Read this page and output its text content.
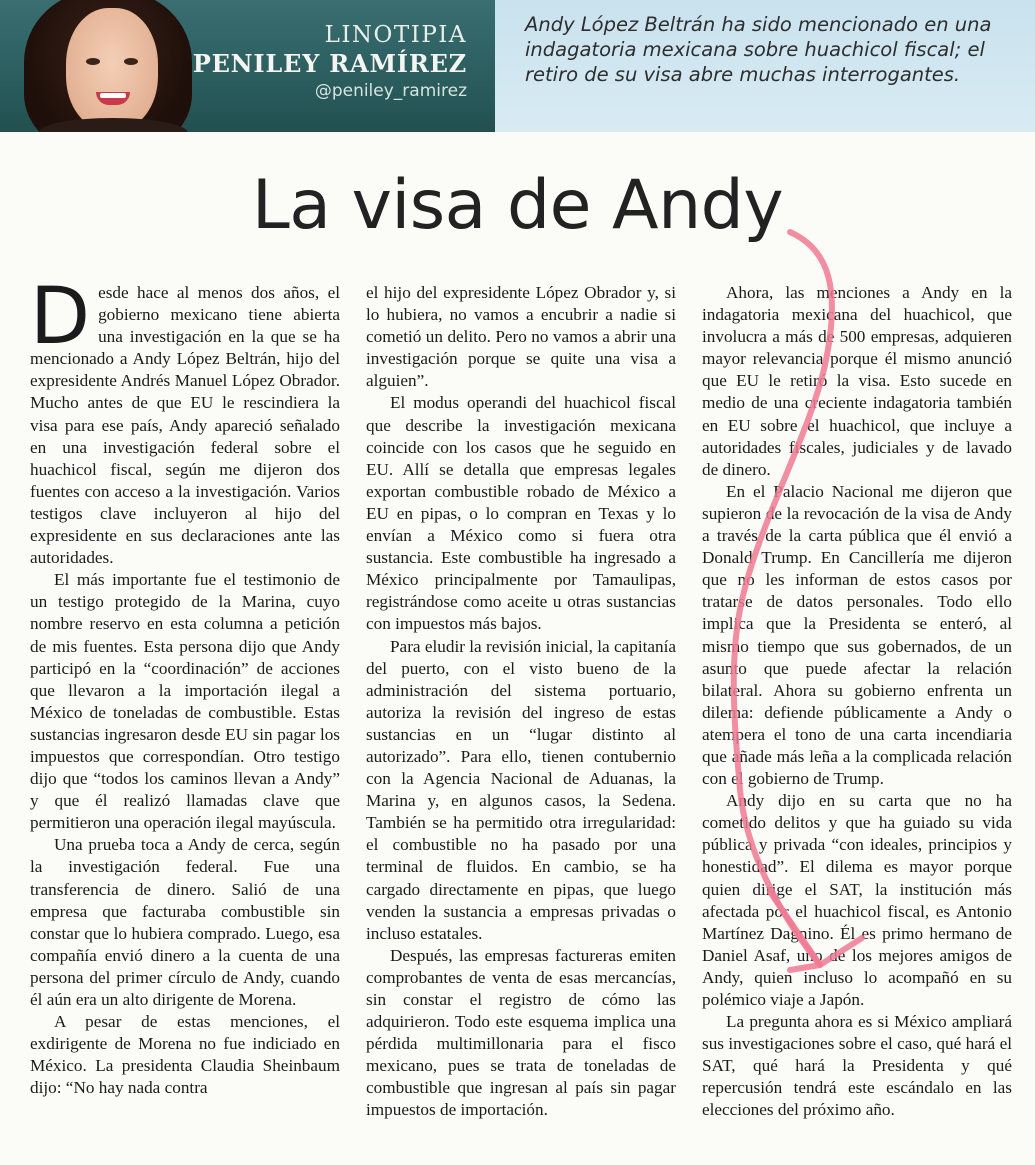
LINOTIPIA
PENILEY RAMÍREZ
@peniley_ramirez
Andy López Beltrán ha sido mencionado en una indagatoria mexicana sobre huachicol fiscal; el retiro de su visa abre muchas interrogantes.
La visa de Andy

Desde hace al menos dos años, el gobierno mexicano tiene abierta una investigación en la que se ha mencionado a Andy López Beltrán, hijo del expresidente Andrés Manuel López Obrador. Mucho antes de que EU le rescindiera la visa para ese país, Andy apareció señalado en una investigación federal sobre el huachicol fiscal, según me dijeron dos fuentes con acceso a la investigación. Varios testigos clave incluyeron al hijo del expresidente en sus declaraciones ante las autoridades.

El más importante fue el testimonio de un testigo protegido de la Marina, cuyo nombre reservo en esta columna a petición de mis fuentes. Esta persona dijo que Andy participó en la “coordinación” de acciones que llevaron a la importación ilegal a México de toneladas de combustible. Estas sustancias ingresaron desde EU sin pagar los impuestos que correspondían. Otro testigo dijo que “todos los caminos llevan a Andy” y que él realizó llamadas clave que permitieron una operación ilegal mayúscula.

Una prueba toca a Andy de cerca, según la investigación federal. Fue una transferencia de dinero. Salió de una empresa que facturaba combustible sin constar que lo hubiera comprado. Luego, esa compañía envió dinero a la cuenta de una persona del primer círculo de Andy, cuando él aún era un alto dirigente de Morena.

A pesar de estas menciones, el exdirigente de Morena no fue indiciado en México. La presidenta Claudia Sheinbaum dijo: “No hay nada contra

el hijo del expresidente López Obrador y, si lo hubiera, no vamos a encubrir a nadie si cometió un delito. Pero no vamos a abrir una investigación porque se quite una visa a alguien”.

El modus operandi del huachicol fiscal que describe la investigación mexicana coincide con los casos que he seguido en EU. Allí se detalla que empresas legales exportan combustible robado de México a EU en pipas, o lo compran en Texas y lo envían a México como si fuera otra sustancia. Este combustible ha ingresado a México principalmente por Tamaulipas, registrándose como aceite u otras sustancias con impuestos más bajos.

Para eludir la revisión inicial, la capitanía del puerto, con el visto bueno de la administración del sistema portuario, autoriza la revisión del ingreso de estas sustancias en un “lugar distinto al autorizado”. Para ello, tienen contubernio con la Agencia Nacional de Aduanas, la Marina y, en algunos casos, la Sedena. También se ha permitido otra irregularidad: el combustible no ha pasado por una terminal de fluidos. En cambio, se ha cargado directamente en pipas, que luego venden la sustancia a empresas privadas o incluso estatales.

Después, las empresas factureras emiten comprobantes de venta de esas mercancías, sin constar el registro de cómo las adquirieron. Todo este esquema implica una pérdida multimillonaria para el fisco mexicano, pues se trata de toneladas de combustible que ingresan al país sin pagar impuestos de importación.

Ahora, las menciones a Andy en la indagatoria mexicana del huachicol, que involucra a más de 500 empresas, adquieren mayor relevancia porque él mismo anunció que EU le retiró la visa. Esto sucede en medio de una creciente indagatoria también en EU sobre el huachicol, que incluye a autoridades fiscales, judiciales y de lavado de dinero.

En el Palacio Nacional me dijeron que supieron de la revocación de la visa de Andy a través de la carta pública que él envió a Donald Trump. En Cancillería me dijeron que no les informan de estos casos por tratarse de datos personales. Todo ello implica que la Presidenta se enteró, al mismo tiempo que sus gobernados, de un asunto que puede afectar la relación bilateral. Ahora su gobierno enfrenta un dilema: defiende públicamente a Andy o atempera el tono de una carta incendiaria que añade más leña a la complicada relación con el gobierno de Trump.

Andy dijo en su carta que no ha cometido delitos y que ha guiado su vida pública y privada “con ideales, principios y honestidad”. El dilema es mayor porque quien dirige el SAT, la institución más afectada por el huachicol fiscal, es Antonio Martínez Dagnino. Él es primo hermano de Daniel Asaf, uno de los mejores amigos de Andy, quien incluso lo acompañó en su polémico viaje a Japón.

La pregunta ahora es si México ampliará sus investigaciones sobre el caso, qué hará el SAT, qué hará la Presidenta y qué repercusión tendrá este escándalo en las elecciones del próximo año.
